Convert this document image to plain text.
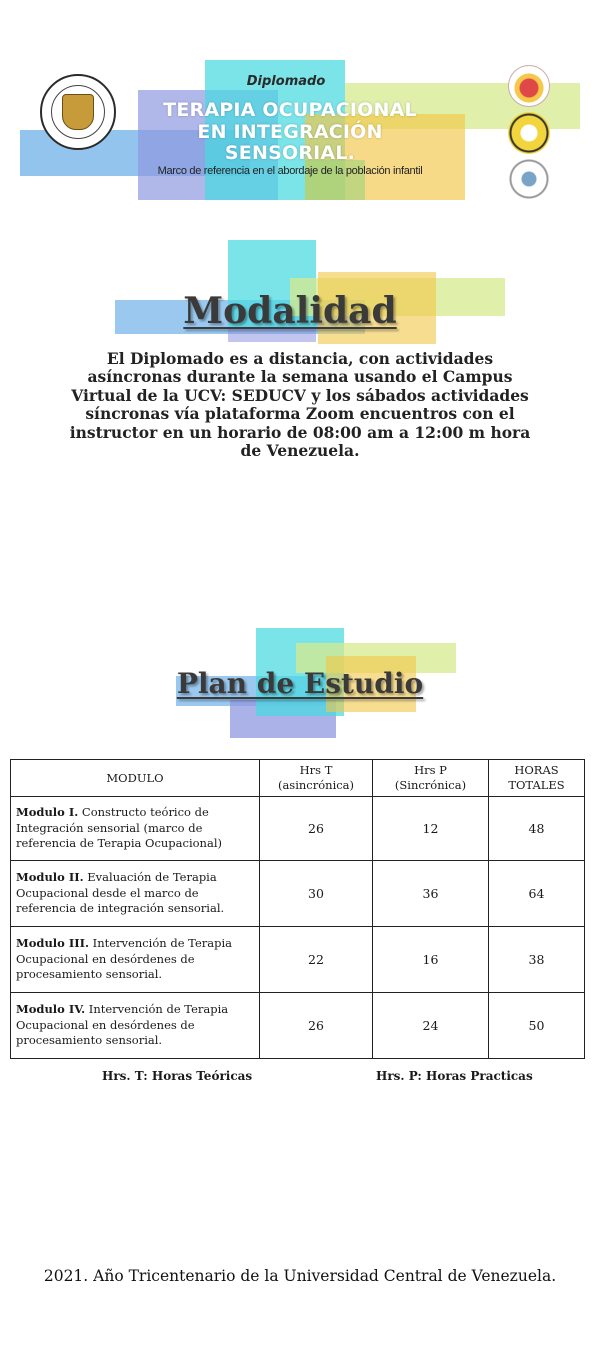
Diplomado
TERAPIA OCUPACIONAL
EN INTEGRACIÓN
SENSORIAL.
Marco de referencia en el abordaje de la población infantil
Modalidad
El Diplomado es a distancia, con actividades asíncronas durante la semana usando el Campus Virtual de la UCV: SEDUCV y los sábados actividades síncronas vía plataforma Zoom encuentros con el instructor en un horario de 08:00 am a 12:00 m hora de Venezuela.
Plan de Estudio
MODULO	Hrs T (asincrónica)	Hrs P (Sincrónica)	HORAS TOTALES
Modulo I. Constructo teórico de Integración sensorial (marco de referencia de Terapia Ocupacional)	26	12	48
Modulo II. Evaluación de Terapia Ocupacional desde el marco de referencia de integración sensorial.	30	36	64
Modulo III. Intervención de Terapia Ocupacional en desórdenes de procesamiento sensorial.	22	16	38
Modulo IV. Intervención de Terapia Ocupacional en desórdenes de procesamiento sensorial.	26	24	50
Hrs. T: Horas Teóricas	Hrs. P: Horas Practicas
2021. Año Tricentenario de la Universidad Central de Venezuela.
